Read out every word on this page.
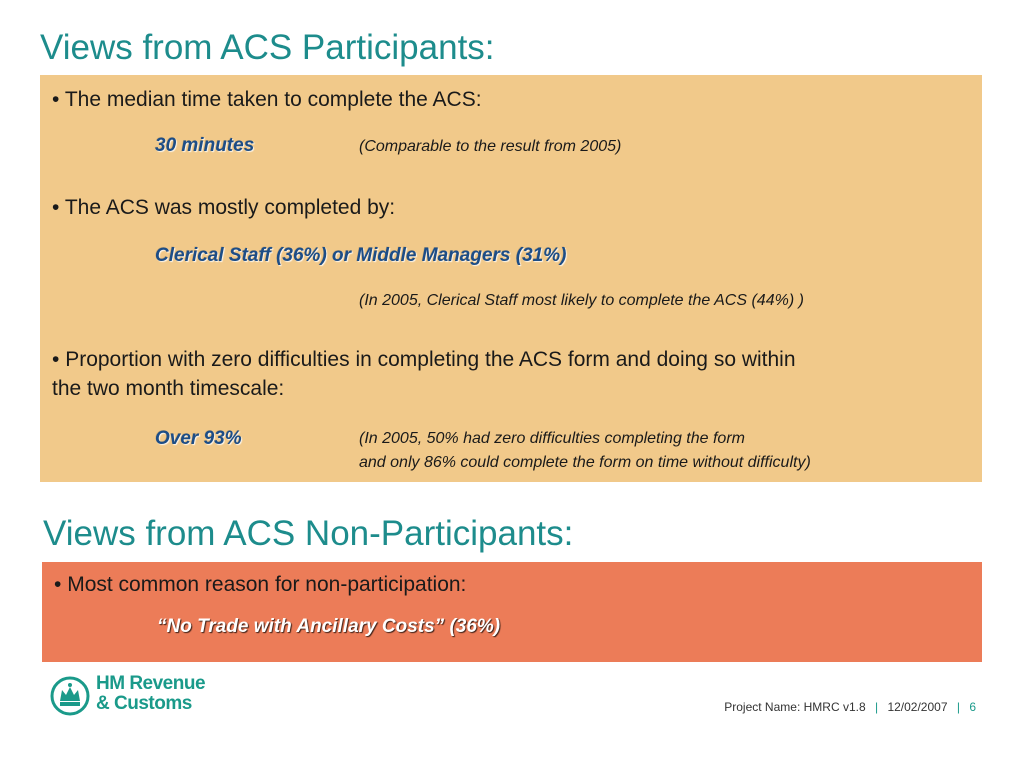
Views from ACS Participants:

• The median time taken to complete the ACS:

30 minutes	(Comparable to the result from 2005)

• The ACS was mostly completed by:

Clerical Staff (36%) or Middle Managers (31%)

(In 2005, Clerical Staff most likely to complete the ACS (44%) )

• Proportion with zero difficulties in completing the ACS form and doing so within
the two month timescale:

Over 93%	(In 2005, 50% had zero difficulties completing the form
and only 86% could complete the form on time without difficulty)

Views from ACS Non-Participants:

• Most common reason for non-participation:

“No Trade with Ancillary Costs” (36%)

HM Revenue
& Customs	Project Name: HMRC v1.8 | 12/02/2007 | 6
